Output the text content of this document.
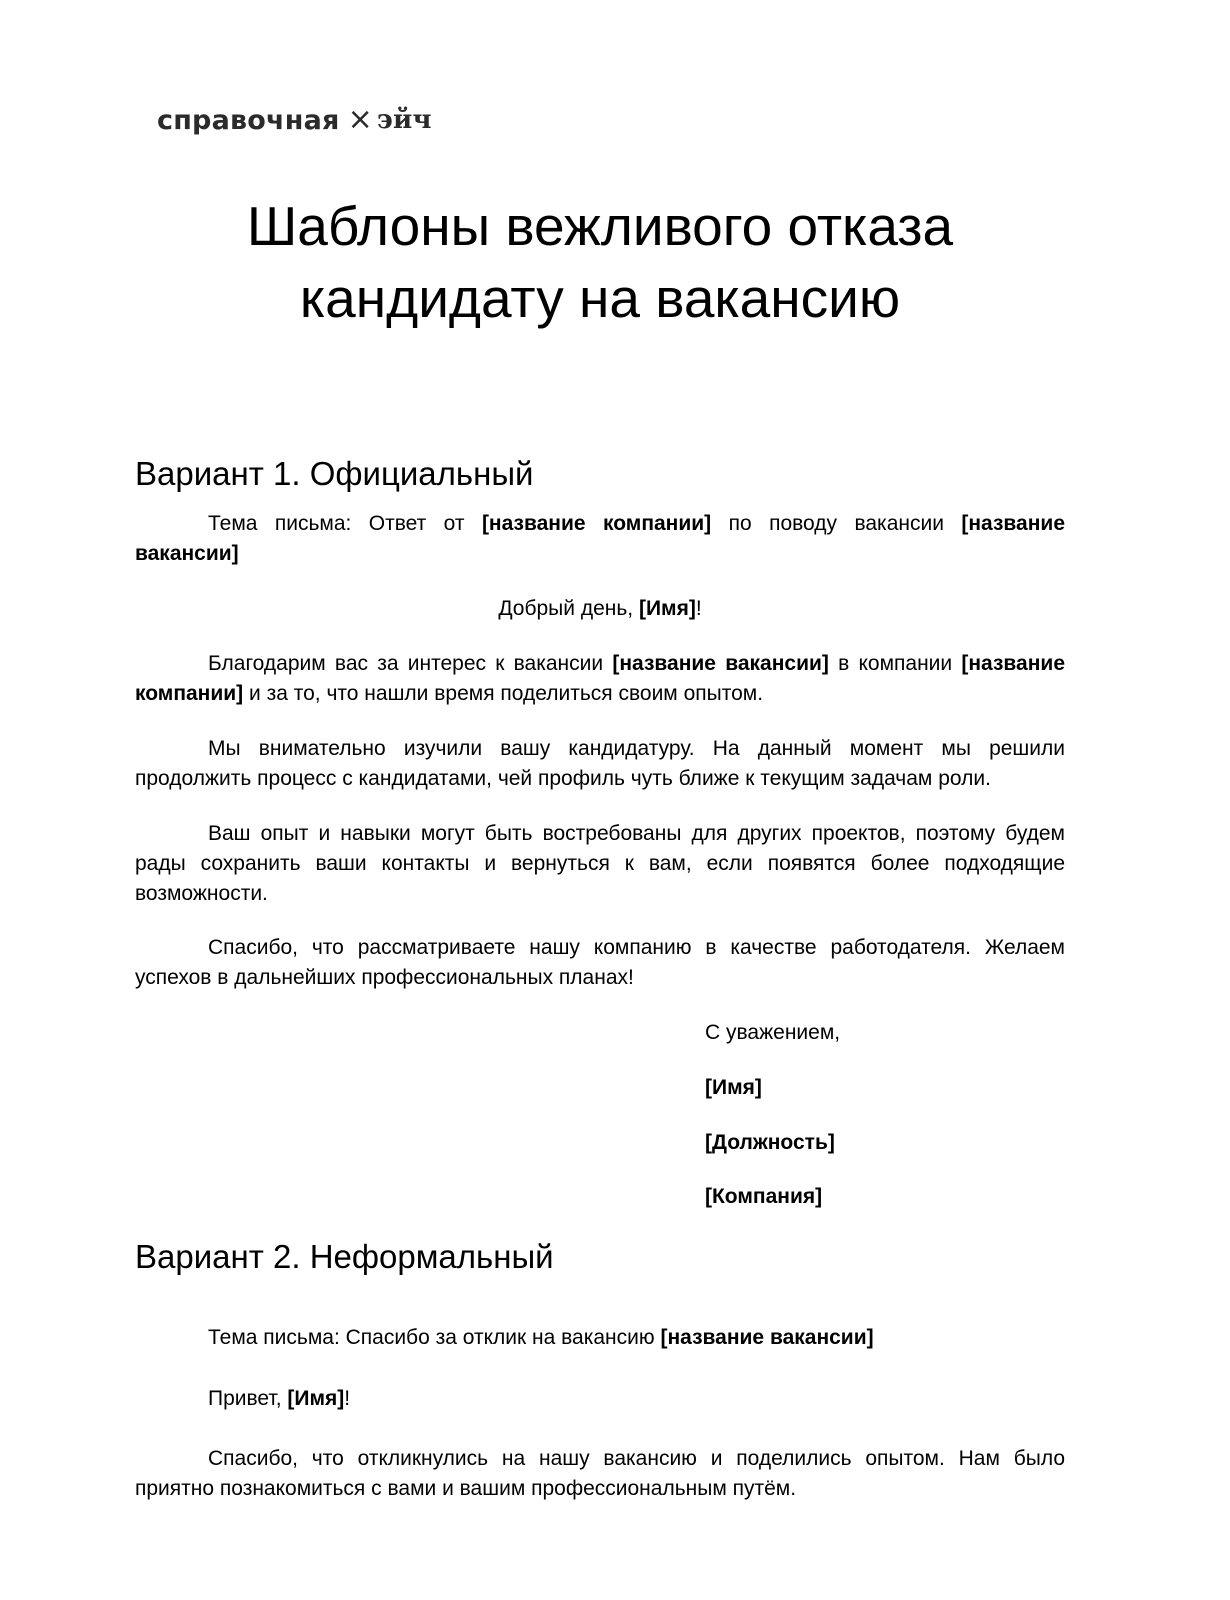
справочная × эйч
Шаблоны вежливого отказа
кандидату на вакансию
Вариант 1. Официальный

Тема письма: Ответ от [название компании] по поводу вакансии [название вакансии]

Добрый день, [Имя]!

Благодарим вас за интерес к вакансии [название вакансии] в компании [название компании] и за то, что нашли время поделиться своим опытом.

Мы внимательно изучили вашу кандидатуру. На данный момент мы решили продолжить процесс с кандидатами, чей профиль чуть ближе к текущим задачам роли.

Ваш опыт и навыки могут быть востребованы для других проектов, поэтому будем рады сохранить ваши контакты и вернуться к вам, если появятся более подходящие возможности.

Спасибо, что рассматриваете нашу компанию в качестве работодателя. Желаем успехов в дальнейших профессиональных планах!

С уважением,

[Имя]

[Должность]

[Компания]

Вариант 2. Неформальный

Тема письма: Спасибо за отклик на вакансию [название вакансии]

Привет, [Имя]!

Спасибо, что откликнулись на нашу вакансию и поделились опытом. Нам было приятно познакомиться с вами и вашим профессиональным путём.
